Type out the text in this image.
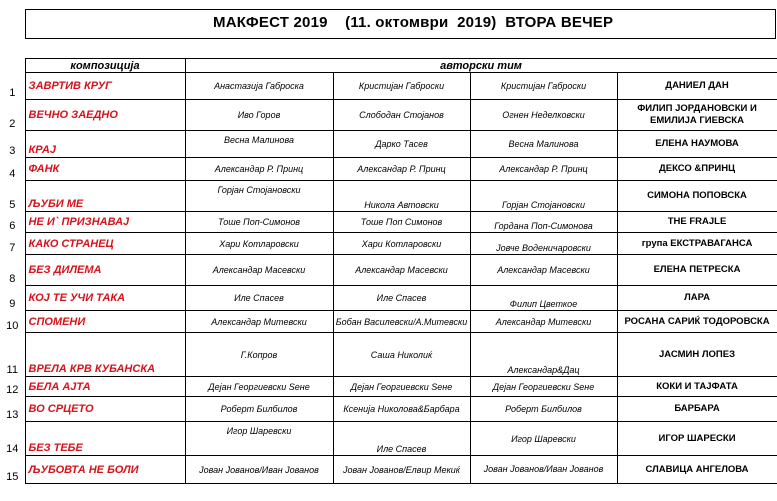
МАКФЕСТ 2019    (11. октомври  2019)  ВТОРА ВЕЧЕР
	композиција	авторски тим			
1	ЗАВРТИВ КРУГ	Анастазија Габроска	Кристијан Габроски	Кристијан Габроски	ДАНИЕЛ ДАН
2	ВЕЧНО ЗАЕДНО	Иво Горов	Слободан Стојанов	Огнен Неделковски	ФИЛИП ЈОРДАНОВСКИ И ЕМИЛИЈА ГИЕВСКА
3	КРАЈ	Весна Малинова	Дарко Тасев	Весна Малинова	ЕЛЕНА НАУМОВА
4	ФАНК	Александар Р. Принц	Александар Р. Принц	Александар Р. Принц	ДЕКСО &ПРИНЦ
5	ЉУБИ МЕ	Горјан Стојановски	Никола Автовски	Горјан Стојановски	СИМОНА ПОПОВСКА
6	НЕ И` ПРИЗНАВАЈ	Тоше Поп-Симонов	Тоше Поп Симонов	Гордана Поп-Симонова	THE FRAJLE
7	КАКО СТРАНЕЦ	Хари Котларовски	Хари Котларовски	Јовче Воденичаровски	група ЕКСТРАВАГАНСА
8	БЕЗ ДИЛЕМА	Александар Масевски	Александар Масевски	Александар Масевски	ЕЛЕНА ПЕТРЕСКА
9	КОЈ ТЕ УЧИ ТАКА	Иле Спасев	Иле Спасев	Филип Цветкое	ЛАРА
10	СПОМЕНИ	Александар Митевски	Бобан Василевски/А.Митевски	Александар Митевски	РОСАНА САРИЌ ТОДОРОВСКА
11	ВРЕЛА КРВ КУБАНСКА	Г.Копров	Саша Николиќ	Александар&Дац	ЈАСМИН ЛОПЕЗ
12	БЕЛА АЈТА	Дејан Георгиевски Sене	Дејан Георгиевски Sене	Дејан Георгиевски Sене	КОКИ И ТАЈФАТА
13	ВО СРЦЕТО	Роберт Билбилов	Ксенија Николова&Барбара	Роберт Билбилов	БАРБАРА
14	БЕЗ ТЕБЕ	Игор Шаревски	Иле Спасев	Игор Шаревски	ИГОР ШАРЕСКИ
15	ЉУБОВТА НЕ БОЛИ	Јован Јованов/Иван Јованов	Јован Јованов/Елвир Мекиќ	Јован Јованов/Иван Јованов	СЛАВИЦА АНГЕЛОВА
